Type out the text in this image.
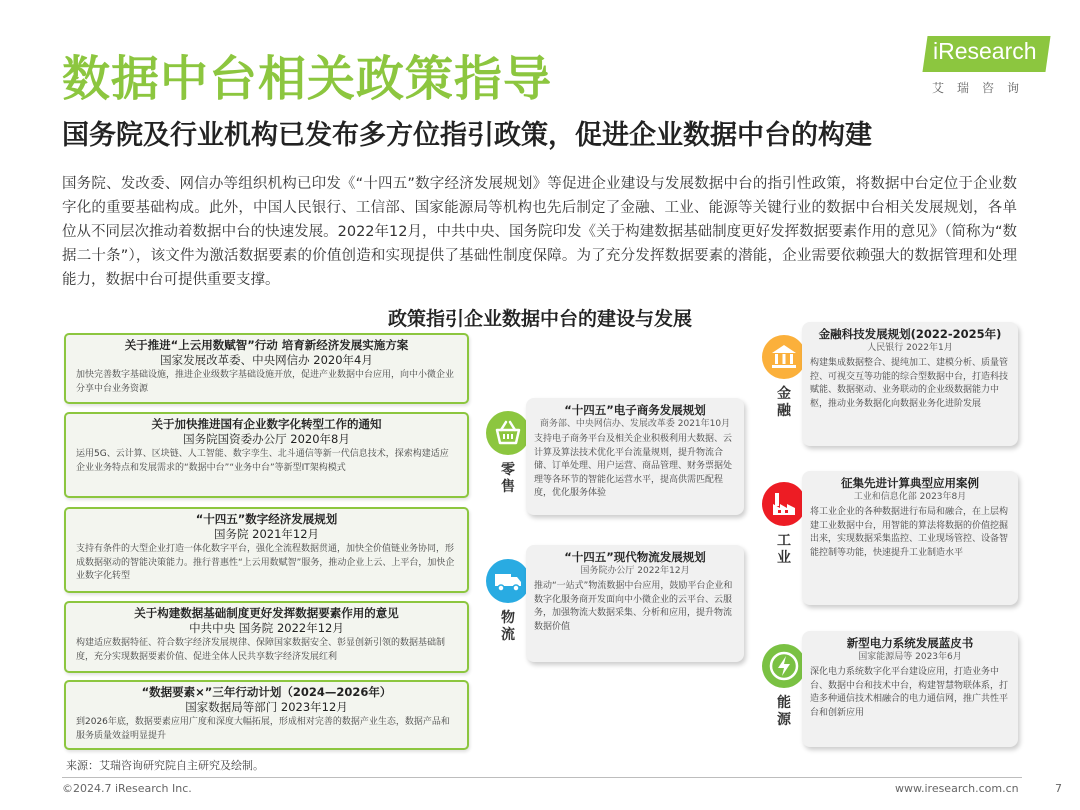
数据中台相关政策指导
国务院及行业机构已发布多方位指引政策，促进企业数据中台的构建
iResearch
艾瑞咨询
国务院、发改委、网信办等组织机构已印发《“十四五”数字经济发展规划》等促进企业建设与发展数据中台的指引性政策，将数据中台定位于企业数字化的重要基础构成。此外，中国人民银行、工信部、国家能源局等机构也先后制定了金融、工业、能源等关键行业的数据中台相关发展规划，各单位从不同层次推动着数据中台的快速发展。2022年12月，中共中央、国务院印发《关于构建数据基础制度更好发挥数据要素作用的意见》（简称为“数据二十条”），该文件为激活数据要素的价值创造和实现提供了基础性制度保障。为了充分发挥数据要素的潜能，企业需要依赖强大的数据管理和处理能力，数据中台可提供重要支撑。
政策指引企业数据中台的建设与发展
关于推进“上云用数赋智”行动 培育新经济发展实施方案
国家发展改革委、中央网信办 2020年4月
加快完善数字基础设施，推进企业级数字基础设施开放，促进产业数据中台应用，向中小微企业分享中台业务资源
关于加快推进国有企业数字化转型工作的通知
国务院国资委办公厅 2020年8月
运用5G、云计算、区块链、人工智能、数字孪生、北斗通信等新一代信息技术，探索构建适应企业业务特点和发展需求的“数据中台”“业务中台”等新型IT架构模式
“十四五”数字经济发展规划
国务院 2021年12月
支持有条件的大型企业打造一体化数字平台，强化全流程数据贯通，加快全价值链业务协同，形成数据驱动的智能决策能力。推行普惠性“上云用数赋智”服务，推动企业上云、上平台，加快企业数字化转型
关于构建数据基础制度更好发挥数据要素作用的意见
中共中央 国务院 2022年12月
构建适应数据特征、符合数字经济发展规律、保障国家数据安全、彰显创新引领的数据基础制度，充分实现数据要素价值、促进全体人民共享数字经济发展红利
“数据要素×”三年行动计划（2024—2026年）
国家数据局等部门 2023年12月
到2026年底，数据要素应用广度和深度大幅拓展，形成相对完善的数据产业生态，数据产品和服务质量效益明显提升
零售
“十四五”电子商务发展规划
商务部、中央网信办、发展改革委 2021年10月
支持电子商务平台及相关企业积极利用大数据、云计算及算法技术优化平台流量规则，提升物流合储、订单处理、用户运营、商品管理、财务票据处理等各环节的智能化运营水平，提高供需匹配程度，优化服务体验
物流
“十四五”现代物流发展规划
国务院办公厅 2022年12月
推动“一站式”物流数据中台应用，鼓励平台企业和数字化服务商开发面向中小微企业的云平台、云服务，加强物流大数据采集、分析和应用，提升物流数据价值
金融
金融科技发展规划(2022-2025年)
人民银行 2022年1月
构建集成数据整合、提纯加工、建模分析、质量管控、可视交互等功能的综合型数据中台，打造科技赋能、数据驱动、业务联动的企业级数据能力中枢，推动业务数据化向数据业务化进阶发展
工业
征集先进计算典型应用案例
工业和信息化部 2023年8月
将工业企业的各种数据进行布局和融合，在上层构建工业数据中台，用智能的算法将数据的价值挖掘出来，实现数据采集监控、工业现场管控、设备智能控制等功能，快速提升工业制造水平
能源
新型电力系统发展蓝皮书
国家能源局等 2023年6月
深化电力系统数字化平台建设应用，打造业务中台、数据中台和技术中台，构建智慧物联体系，打造多种通信技术相融合的电力通信网，推广共性平台和创新应用
来源：艾瑞咨询研究院自主研究及绘制。
©2024.7 iResearch Inc.	www.iresearch.com.cn	7
